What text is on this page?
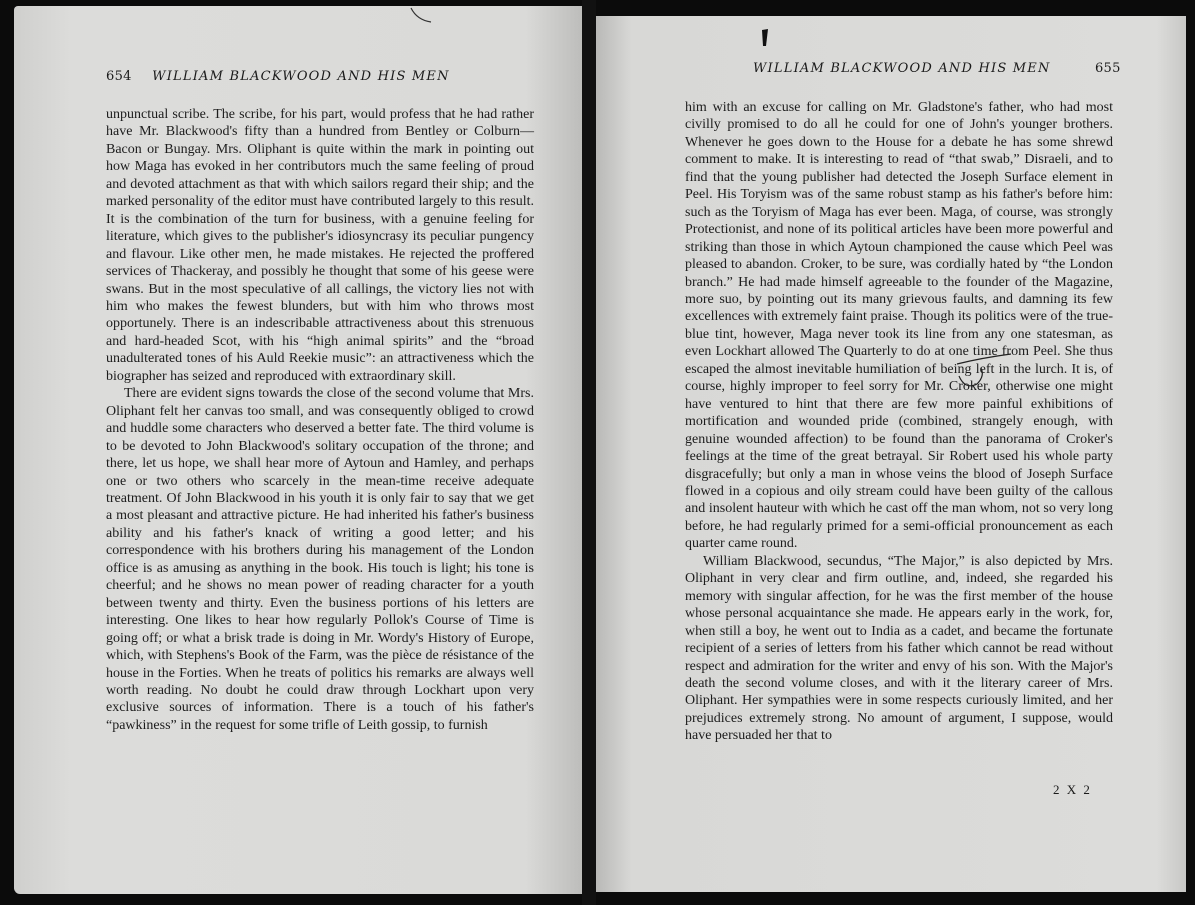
654 WILLIAM BLACKWOOD AND HIS MEN

unpunctual scribe. The scribe, for his part, would profess that he had rather have Mr. Blackwood's fifty than a hundred from Bentley or Colburn—Bacon or Bungay. Mrs. Oliphant is quite within the mark in pointing out how Maga has evoked in her contributors much the same feeling of proud and devoted attachment as that with which sailors regard their ship; and the marked personality of the editor must have contributed largely to this result. It is the combination of the turn for business, with a genuine feeling for literature, which gives to the publisher's idiosyncrasy its peculiar pungency and flavour. Like other men, he made mistakes. He rejected the proffered services of Thackeray, and possibly he thought that some of his geese were swans. But in the most speculative of all callings, the victory lies not with him who makes the fewest blunders, but with him who throws most opportunely. There is an indescribable attractiveness about this strenuous and hard-headed Scot, with his “high animal spirits” and the “broad unadulterated tones of his Auld Reekie music”: an attractiveness which the biographer has seized and reproduced with extraordinary skill.

There are evident signs towards the close of the second volume that Mrs. Oliphant felt her canvas too small, and was consequently obliged to crowd and huddle some characters who deserved a better fate. The third volume is to be devoted to John Blackwood's solitary occupation of the throne; and there, let us hope, we shall hear more of Aytoun and Hamley, and perhaps one or two others who scarcely in the mean-time receive adequate treatment. Of John Blackwood in his youth it is only fair to say that we get a most pleasant and attractive picture. He had inherited his father's business ability and his father's knack of writing a good letter; and his correspondence with his brothers during his management of the London office is as amusing as anything in the book. His touch is light; his tone is cheerful; and he shows no mean power of reading character for a youth between twenty and thirty. Even the business portions of his letters are interesting. One likes to hear how regularly Pollok's Course of Time is going off; or what a brisk trade is doing in Mr. Wordy's History of Europe, which, with Stephens's Book of the Farm, was the pièce de résistance of the house in the Forties. When he treats of politics his remarks are always well worth reading. No doubt he could draw through Lockhart upon very exclusive sources of information. There is a touch of his father's “pawkiness” in the request for some trifle of Leith gossip, to furnish

WILLIAM BLACKWOOD AND HIS MEN	655

him with an excuse for calling on Mr. Gladstone's father, who had most civilly promised to do all he could for one of John's younger brothers. Whenever he goes down to the House for a debate he has some shrewd comment to make. It is interesting to read of “that swab,” Disraeli, and to find that the young publisher had detected the Joseph Surface element in Peel. His Toryism was of the same robust stamp as his father's before him: such as the Toryism of Maga has ever been. Maga, of course, was strongly Protectionist, and none of its political articles have been more powerful and striking than those in which Aytoun championed the cause which Peel was pleased to abandon. Croker, to be sure, was cordially hated by “the London branch.” He had made himself agreeable to the founder of the Magazine, more suo, by pointing out its many grievous faults, and damning its few excellences with extremely faint praise. Though its politics were of the true-blue tint, however, Maga never took its line from any one statesman, as even Lockhart allowed The Quarterly to do at one time from Peel. She thus escaped the almost inevitable humiliation of being left in the lurch. It is, of course, highly improper to feel sorry for Mr. Croker, otherwise one might have ventured to hint that there are few more painful exhibitions of mortification and wounded pride (combined, strangely enough, with genuine wounded affection) to be found than the panorama of Croker's feelings at the time of the great betrayal. Sir Robert used his whole party disgracefully; but only a man in whose veins the blood of Joseph Surface flowed in a copious and oily stream could have been guilty of the callous and insolent hauteur with which he cast off the man whom, not so very long before, he had regularly primed for a semi-official pronouncement as each quarter came round.

William Blackwood, secundus, “The Major,” is also depicted by Mrs. Oliphant in very clear and firm outline, and, indeed, she regarded his memory with singular affection, for he was the first member of the house whose personal acquaintance she made. He appears early in the work, for, when still a boy, he went out to India as a cadet, and became the fortunate recipient of a series of letters from his father which cannot be read without respect and admiration for the writer and envy of his son. With the Major's death the second volume closes, and with it the literary career of Mrs. Oliphant. Her sympathies were in some respects curiously limited, and her prejudices extremely strong. No amount of argument, I suppose, would have persuaded her that to

2 X 2
